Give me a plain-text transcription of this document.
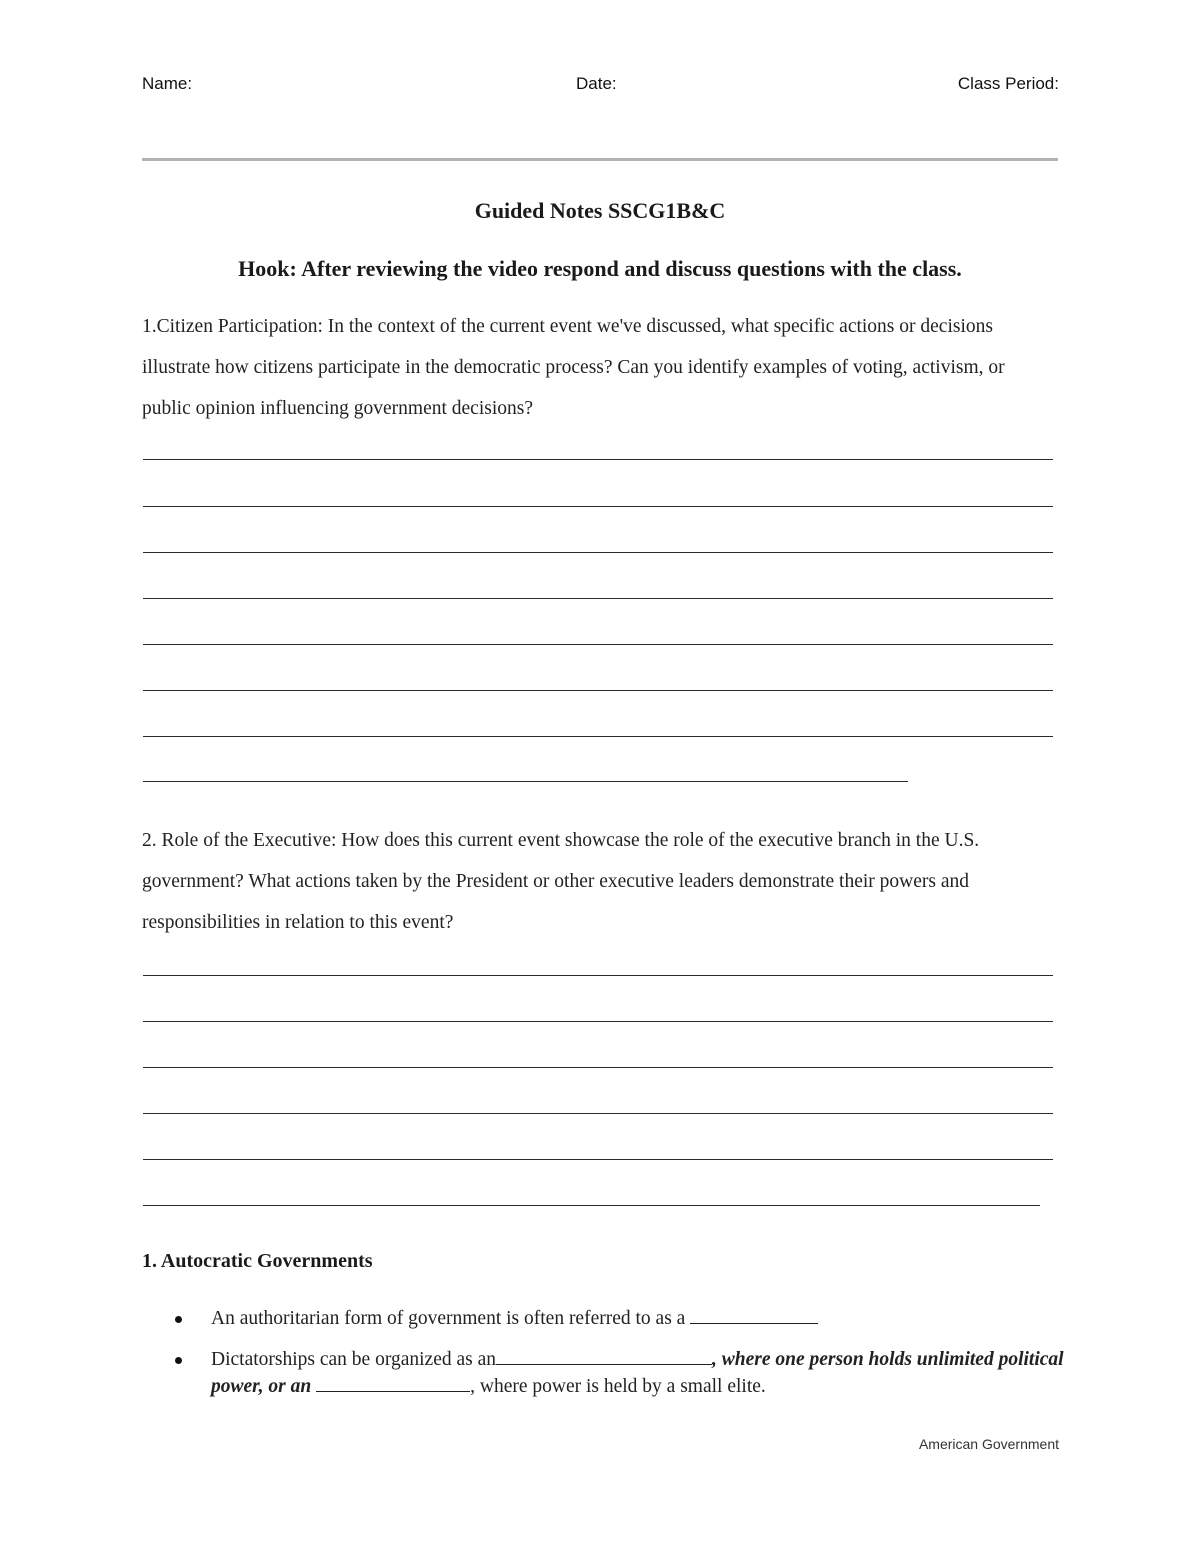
Name:	Date:	Class Period:
Guided Notes SSCG1B&C
Hook: After reviewing the video respond and discuss questions with the class.
1.Citizen Participation: In the context of the current event we've discussed, what specific actions or decisions illustrate how citizens participate in the democratic process? Can you identify examples of voting, activism, or public opinion influencing government decisions?
2. Role of the Executive: How does this current event showcase the role of the executive branch in the U.S. government? What actions taken by the President or other executive leaders demonstrate their powers and responsibilities in relation to this event?
1. Autocratic Governments
An authoritarian form of government is often referred to as a
Dictatorships can be organized as an	, where one person holds unlimited political power, or an	, where power is held by a small elite.
American Government
